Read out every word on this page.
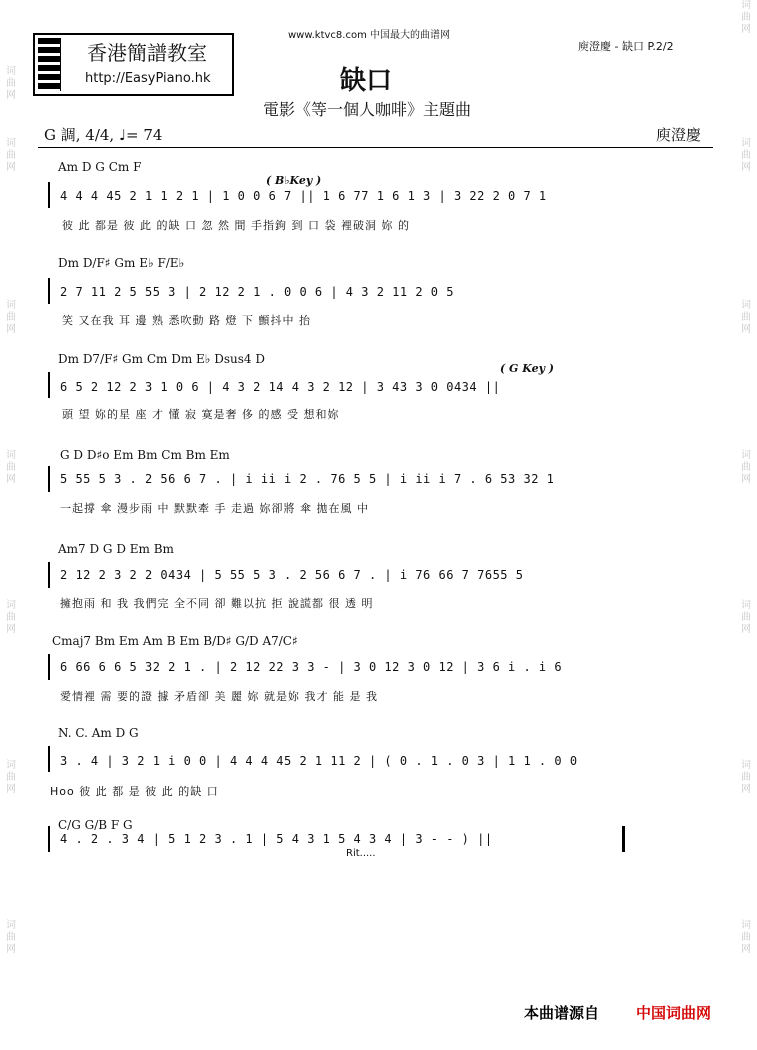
词
曲
网
词
曲
网
词
曲
网
词
曲
网
词
曲
网
词
曲
网
词
曲
网
词
曲
网
词
曲
网
词
曲
网
词
曲
网
词
曲
网
词
曲
网
词
曲
网
www.ktvc8.com 中国最大的曲谱网
庾澄慶 - 缺口 P.2/2
香港簡譜教室
http://EasyPiano.hk	缺口
電影《等一個人咖啡》主題曲
G 調, 4/4, ♩= 74	庾澄慶
Am D G Cm F
( B♭Key )
4 4 4 45 2 1 1 2 1 | 1 0 0 6 7 || 1 6 77 1 6 1 3 | 3 22 2 0 7 1
彼 此 都是 彼 此 的缺 口 忽 然 間 手指鉤 到 口 袋 裡破洞 妳 的
Dm D/F♯ Gm E♭ F/E♭
2 7 11 2 5 55 3 | 2 12 2 1 . 0 0 6 | 4 3 2 11 2 0 5
笑 又在我 耳 邊 熟 悉吹動 路 燈 下 顫抖中 抬
Dm D7/F♯ Gm Cm Dm E♭ Dsus4 D
( G Key )
6 5 2 12 2 3 1 0 6 | 4 3 2 14 4 3 2 12 | 3 43 3 0 0434 ||
頭 望 妳的星 座 才 懂 寂 寞是奢 侈 的感 受 想和妳
G D D♯o Em Bm Cm Bm Em
5 55 5 3 . 2 56 6 7 . | i ii i 2 . 76 5 5 | i ii i 7 . 6 53 32 1
一起撐 傘 漫步雨 中 默默牽 手 走過 妳卻將 傘 拋在風 中
Am7 D G D Em Bm
2 12 2 3 2 2 0434 | 5 55 5 3 . 2 56 6 7 . | i 76 66 7 7655 5
擁抱雨 和 我 我們完 全不同 卻 難以抗 拒 說謊都 很 透 明
Cmaj7 Bm Em Am B Em B/D♯ G/D A7/C♯
6 66 6 6 5 32 2 1 . | 2 12 22 3 3 - | 3 0 12 3 0 12 | 3 6 i . i 6
愛情裡 需 要的證 據 矛盾卻 美 麗 妳 就是妳 我才 能 是 我
N. C. Am D G
3 . 4 | 3 2 1 i 0 0 | 4 4 4 45 2 1 11 2 | ( 0 . 1 . 0 3 | 1 1 . 0 0
Hoo 彼 此 都 是 彼 此 的缺 口
C/G G/B F G
4 . 2 . 3 4 | 5 1 2 3 . 1 | 5 4 3 1 5 4 3 4 | 3 - - ) ||
Rit.....
本曲谱源自 中国词曲网
